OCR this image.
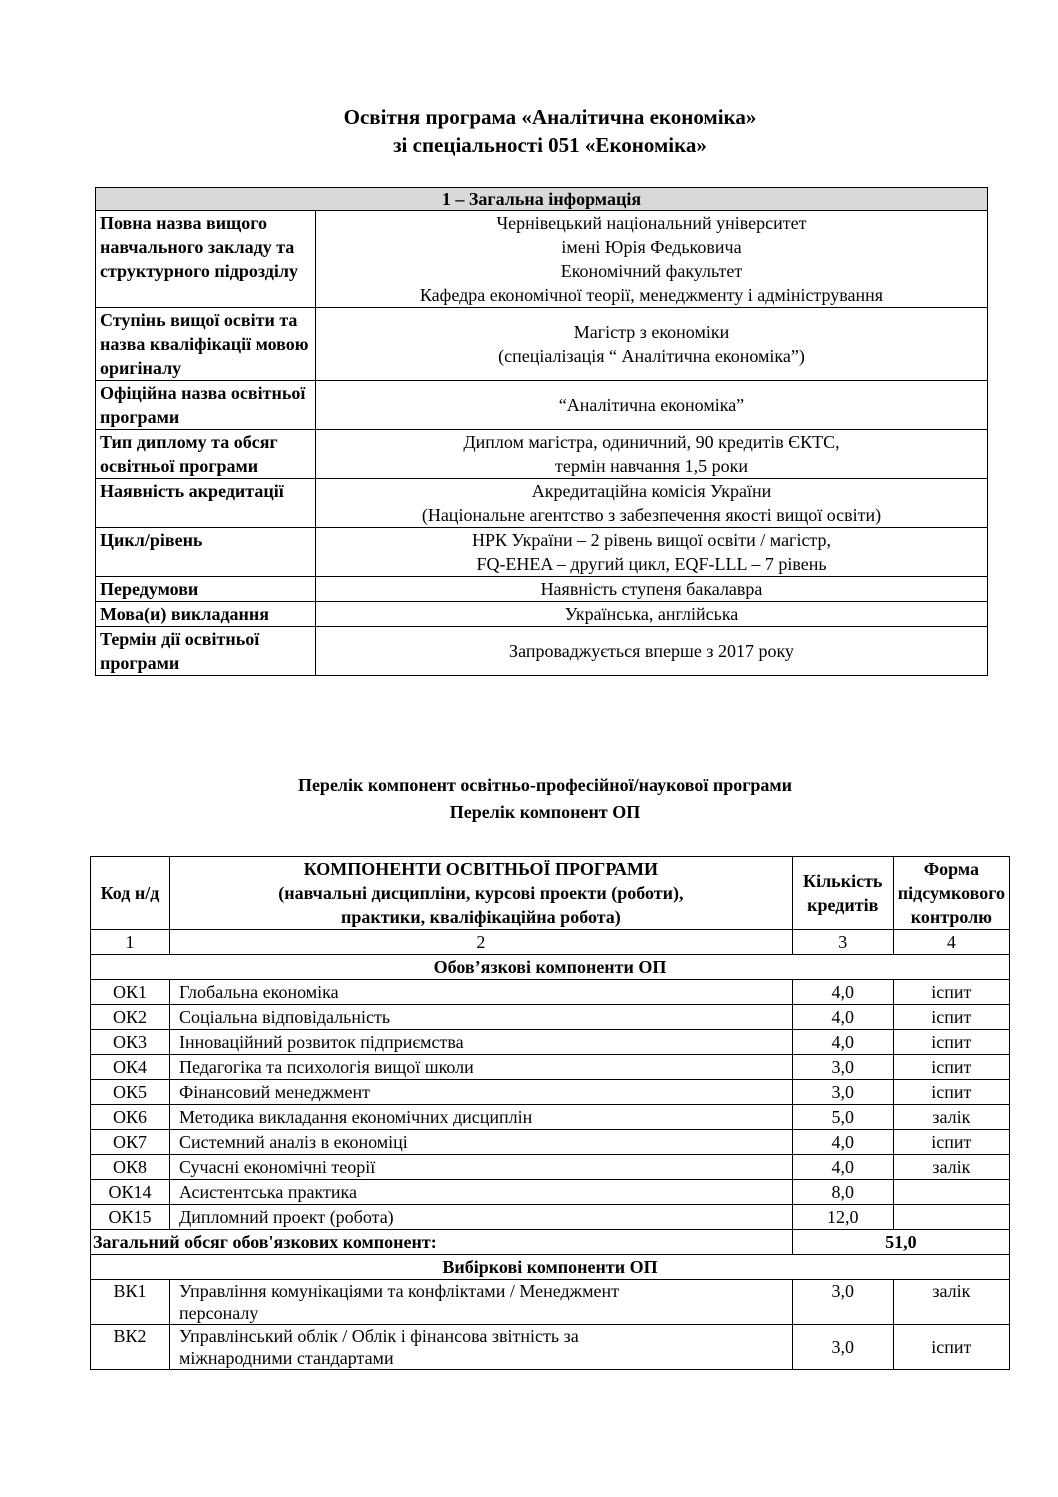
Освітня програма «Аналітична економіка»
зі спеціальності 051 «Економіка»
1 – Загальна інформація	
Повна назва вищого навчального закладу та структурного підрозділу	Чернівецький національний університет
імені Юрія Федьковича
Економічний факультет
Кафедра економічної теорії, менеджменту і адміністрування

Ступінь вищої освіти та назва кваліфікації мовою оригіналу	Магістр з економіки
(спеціалізація “ Аналітична економіка”)

Офіційна назва освітньої програми	“Аналітична економіка”

Тип диплому та обсяг освітньої програми	Диплом магістра, одиничний, 90 кредитів ЄКТС,
термін навчання 1,5 роки

Наявність акредитації	Акредитаційна комісія України
(Національне агентство з забезпечення якості вищої освіти)

Цикл/рівень	НРК України – 2 рівень вищої освіти / магістр,
FQ-EHEA – другий цикл, EQF-LLL – 7 рівень

Передумови	Наявність ступеня бакалавра

Мова(и) викладання	Українська, англійська

Термін дії освітньої програми	Запроваджується вперше з 2017 року
Перелік компонент освітньо-професійної/наукової програми
Перелік компонент ОП
Код н/д	КОМПОНЕНТИ ОСВІТНЬОЇ ПРОГРАМИ
(навчальні дисципліни, курсові проекти (роботи),
практики, кваліфікаційна робота)	Кількість кредитів	Форма підсумкового контролю
1	2	3	4
Обов’язкові компоненти ОП			
ОК1	Глобальна економіка	4,0	іспит
ОК2	Соціальна відповідальність	4,0	іспит
ОК3	Інноваційний розвиток підприємства	4,0	іспит
ОК4	Педагогіка та психологія вищої школи	3,0	іспит
ОК5	Фінансовий менеджмент	3,0	іспит
ОК6	Методика викладання економічних дисциплін	5,0	залік
ОК7	Системний аналіз в економіці	4,0	іспит
ОК8	Сучасні економічні теорії	4,0	залік
ОК14	Асистентська практика	8,0	
ОК15	Дипломний проект (робота)	12,0	
Загальний обсяг обов'язкових компонент:		51,0	
Вибіркові компоненти ОП			
ВК1	Управління комунікаціями та конфліктами / Менеджмент
персоналу	3,0	залік
ВК2	Управлінський облік / Облік і фінансова звітність за
міжнародними стандартами	3,0	іспит
